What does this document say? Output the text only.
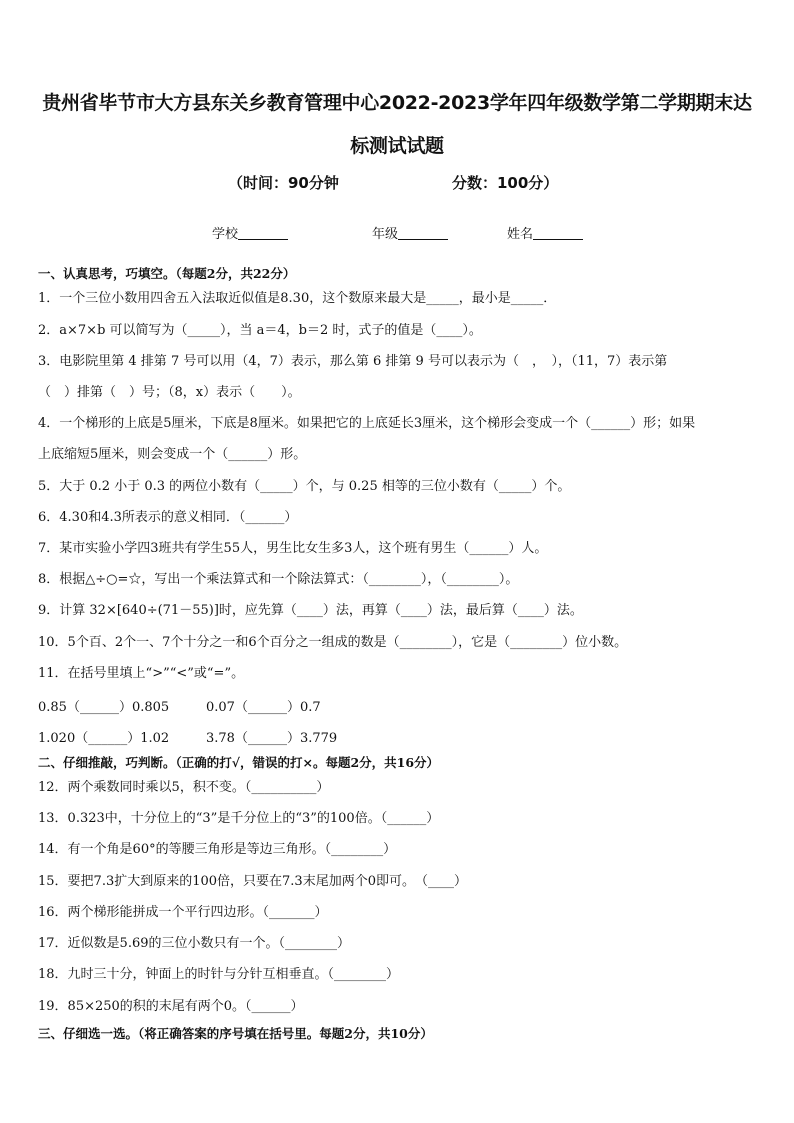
贵州省毕节市大方县东关乡教育管理中心2022-2023学年四年级数学第二学期期末达
标测试试题
（时间：90分钟	分数：100分）
学校	年级	姓名
一、认真思考，巧填空。（每题2分，共22分）
1．一个三位小数用四舍五入法取近似值是8.30，这个数原来最大是_____，最小是_____．
2．a×7×b 可以简写为（_____），当 a＝4，b＝2 时，式子的值是（____）。
3．电影院里第 4 排第 7 号可以用（4，7）表示，那么第 6 排第 9 号可以表示为（　，　），（11，7）表示第
（　）排第（　）号；（8，x）表示（　　）。
4．一个梯形的上底是5厘米，下底是8厘米。如果把它的上底延长3厘米，这个梯形会变成一个（______）形；如果
上底缩短5厘米，则会变成一个（______）形。
5．大于 0.2 小于 0.3 的两位小数有（_____）个，与 0.25 相等的三位小数有（_____）个。
6．4.30和4.3所表示的意义相同．（______）
7．某市实验小学四3班共有学生55人，男生比女生多3人，这个班有男生（______）人。
8．根据△÷○=☆，写出一个乘法算式和一个除法算式：（________），（________）。
9．计算 32×[640÷(71－55)]时，应先算（____）法，再算（____）法，最后算（____）法。
10．5个百、2个一、7个十分之一和6个百分之一组成的数是（________），它是（________）位小数。
11．在括号里填上“>”“<”或“=”。
0.85（______）0.805	0.07（______）0.7
1.020（______）1.02	3.78（______）3.779
二、仔细推敲，巧判断。（正确的打√，错误的打×。每题2分，共16分）
12．两个乘数同时乘以5，积不变。（__________）
13．0.323中，十分位上的“3”是千分位上的“3”的100倍。（______）
14．有一个角是60°的等腰三角形是等边三角形。（________）
15．要把7.3扩大到原来的100倍，只要在7.3末尾加两个0即可。　（____）
16．两个梯形能拼成一个平行四边形。（_______）
17．近似数是5.69的三位小数只有一个。（________）
18．九时三十分，钟面上的时针与分针互相垂直。（________）
19．85×250的积的末尾有两个0。（______）
三、仔细选一选。（将正确答案的序号填在括号里。每题2分，共10分）
